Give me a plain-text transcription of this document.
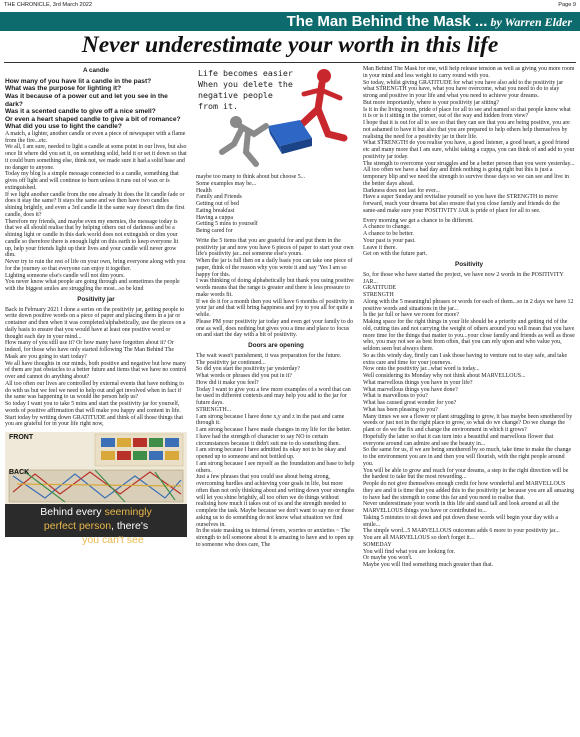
THE CHRONICLE, 3rd March 2022	Page 9
The Man Behind the Mask ... by Warren Elder
Never underestimate your worth in this life
A candle

How many of you have lit a candle in the past?

What was the purpose for lighting it?

Was it because of a power cut and let you see in the dark?

Was it a scented candle to give off a nice smell?

Or even a heart shaped candle to give a bit of romance?

What did you use to light the candle?

A match, a lighter, another candle or even a piece of newspaper with a flame from the fire...etc.

We all, I am sure, needed to light a candle at some point in our lives, but also once lit where did you set it, on something solid, held it or set it down so that it could burn something else, think not, we made sure it had a solid base and no danger to anyone.

Today my blog is a simple message connected to a candle, something that gives off light and will continue to burn unless it runs out of wax or is extinguished.

If we light another candle from the one already lit does the lit candle fade or does it stay the same? It stays the same and we then have two candles shining brightly, and even a 3rd candle lit the same way doesn't dim the first candle, does it?

Therefore my friends, and maybe even my enemies, the message today is that we all should realise that by helping others out of darkness and be a shining light or candle in this dark world does not extinguish or dim your candle so therefore there is enough light on this earth to keep everyone lit up, help your friends light up their lives and your candle will never grow dim.

Never try to ruin the rest of life on your own, bring everyone along with you for the journey so that everyone can enjoy it together.

Lighting someone else's candle will not dim yours.

You never know what people are going through and sometimes the people with the biggest smiles are struggling the most...so be kind

Positivity jar

Back in February 2021 I done a series on the positivity jar, getting people to write down positive words on a piece of paper and placing them in a jar or container and then when it was completed/alphabetically, use the pieces on a daily basis to ensure that you would have at least one positive word or thought each day in your mind...

How many of you still use it? Or how many have forgotten about it? Or indeed, for those who have only started following The Man Behind The Mask are you going to start today?

We all have thoughts in our minds, both positive and negative but how many of them are just obstacles to a better future and items that we have no control over and cannot do anything about?

All too often our lives are controlled by external events that have nothing to do with us but we feel we need to help out and get involved when in fact if the same was happening to us would the person help us?

So today I want you to take 5 mins and start the positivity jar for yourself, words of positive affirmation that will make you happy and content in life.

Start today by writing down GRATITUDE and think of all those things that you are grateful for in your life right now,

FRONT
BACK
Behind every seemingly
perfect person, there's
a mess you can't see.
Life becomes easier
When you delete the
negative people from it.

maybe too many to think about but choose 5...

Some examples may be...

Health

Family and Friends

Getting out of bed

Eating breakfast

Having a cuppa

Getting 5 mins to yourself

Being cared for

Write the 5 items that you are grateful for and put them in the positivity jar and now you have 6 pieces of paper to start your own life's positivity jar...not someone else's yours.

When the jar is full then on a daily basis you can take one piece of paper, think of the reason why you wrote it and say 'Yes I am so happy for this.

I was thinking of doing alphabetically but thank you using positive words means that the range is greater and there is less pressure to make words fit.

If we do it for a month then you will have 6 months of positivity in your jar and that will bring happiness and joy to you all for quite a while.

Please PM your positivity jar today and even get your family to do one as well, does nothing but gives you a time and place to focus on and start the day with a bit of positivity.

Doors are opening

The wait wasn't punishment, it was preparation for the future.

The positivity jar continued...

So did you start the positivity jar yesterday?

What words or phrases did you put in it?

How did it make you feel?

Today I want to give you a few more examples of a word that can be used in different contexts and may help you add to the jar for future days.

STRENGTH...

I am strong because I have done x,y and z in the past and came through it.

I am strong because I have made changes in my life for the better.

I have had the strength of character to say NO to certain circumstances because it didn't suit me to do something then.

I am strong because I have admitted its okay not to be okay and opened up to someone and not bottled up.

I am strong because I see myself as the foundation and base to help others.

Just a few phrases that you could use about being strong, overcoming hurdles and achieving your goals in life, but more often than not only thinking about and writing down your strengths will let you shine brightly, all too often we do things without realising how much it takes out of us and the strength needed to complete the task. Maybe because we don't want to say no or those asking us to do something do not know what situation we find ourselves in.

In the state masking us internal fevers, worries or anxieties ~ The strength to tell someone about it is amazing to have and to open up to someone who does care, The

Man Behind The Mask for one, will help release tension as well as giving you more room in your mind and less weight to carry round with you.

So today, whilst giving GRATITUDE for what you have also add to the positivity jar what STRENGTH you have, what you have overcome, what you need to do to stay strong and positive in your life and what you need to achieve your dreams.

But more importantly, where is your positivity jar sitting?

Is it in the living room, pride of place for all to see and named so that people know what it is or is it sitting in the corner, out of the way and hidden from view?

I hope that it is out for all to see so that they can see that you are being positive, you are not ashamed to have it but also that you are prepared to help others help themselves by realising the need for a positivity jar in their life.

What STRENGTH do you realise you have, a good listener, a good heart, a good friend etc and many more that I am sure, whilst taking a cuppa, you can think of and add to your positivity jar today.

The strength to overcome your struggles and be a better person than you were yesterday...

All too often we have a bad day and think nothing is going right but this is just a temporary blip and we need the strength to survive those days so we can see and live in the better days ahead.

Darkness does not last for ever...

Have a super Sunday and revitalise yourself so you have the STRENGTH to move forward, reach your dreams but also ensure that you close family and friends do the same-and make sure your POSITIVITY JAR is pride of place for all to see.

Every morning we get a chance to be different.

A chance to change.

A chance to be better.

Your past is your past.

Leave it there.

Get on with the future part.

Positivity

So, for those who have started the project, we have now 2 words in the POSITIVITY JAR...

GRATITUDE

STRENGTH

Along with the 5 meaningful phrases or words for each of them...so in 2 days we have 12 positive words and situations in the jar...

Is the jar full or have we room for more?

Making space for the right things in your life should be a priority and getting rid of the old, cutting ties and not carrying the weight of others around you will mean that you have more time for the things that matter to you...your close family and friends as well as those who, you may not see as best from often, that you can rely upon and who value you, seldom seen but always there.

So as this windy day, firstly can I ask those having to venture out to stay safe, and take extra care and time for your journeys.

Now onto the positivity jar...what word is today...

Well considering its Monday why not think about MARVELLOUS...

What marvellous things you have in your life?

What marvellous things you have done?

What is marvellous to you?

What has caused great wonder for you?

What has been pleasing to you?

Many times we see a flower or plant struggling to grow, it has maybe been smothered by weeds or just not in the right place to grow, so what do we change? Do we change the plant or do we the fix and change the environment in which it grows?

Hopefully the latter so that it can turn into a beautiful and marvellous flower that everyone around can admire and see the beauty in...

So the same for us, if we are being smothered by so much, take time to make the change to the environment you are in and then you will flourish, with the right people around you.

You will be able to grow and reach for your dreams, a step in the right direction will be the hardest to take but the most rewarding...

People do not give themselves enough credit for how wonderful and MARVELLOUS they are and it is time that you added this to the positivity jar because you are all amazing to have had the strength to come this far and you need to realise that.

Never underestimate your worth in this life and stand tall and look around at all the MARVELLOUS things you have or contributed to...

Taking 5 minutes to sit down and put down these words will begin your day with a smile...

The simple word...5 MARVELLOUS outcomes adds 6 more to your positivity jar...

You are all MARVELLOUS so don't forget it...

SOMEDAY

You will find what you are looking for.

Or maybe you won't.

Maybe you will find something much greater than that.
